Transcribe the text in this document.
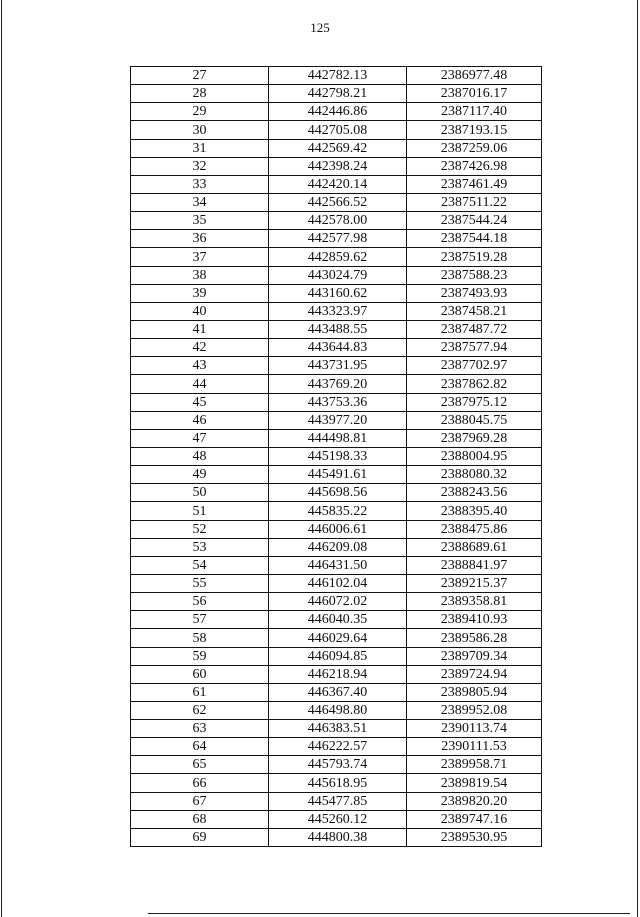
125
27	442782.13	2386977.48
28	442798.21	2387016.17
29	442446.86	2387117.40
30	442705.08	2387193.15
31	442569.42	2387259.06
32	442398.24	2387426.98
33	442420.14	2387461.49
34	442566.52	2387511.22
35	442578.00	2387544.24
36	442577.98	2387544.18
37	442859.62	2387519.28
38	443024.79	2387588.23
39	443160.62	2387493.93
40	443323.97	2387458.21
41	443488.55	2387487.72
42	443644.83	2387577.94
43	443731.95	2387702.97
44	443769.20	2387862.82
45	443753.36	2387975.12
46	443977.20	2388045.75
47	444498.81	2387969.28
48	445198.33	2388004.95
49	445491.61	2388080.32
50	445698.56	2388243.56
51	445835.22	2388395.40
52	446006.61	2388475.86
53	446209.08	2388689.61
54	446431.50	2388841.97
55	446102.04	2389215.37
56	446072.02	2389358.81
57	446040.35	2389410.93
58	446029.64	2389586.28
59	446094.85	2389709.34
60	446218.94	2389724.94
61	446367.40	2389805.94
62	446498.80	2389952.08
63	446383.51	2390113.74
64	446222.57	2390111.53
65	445793.74	2389958.71
66	445618.95	2389819.54
67	445477.85	2389820.20
68	445260.12	2389747.16
69	444800.38	2389530.95
